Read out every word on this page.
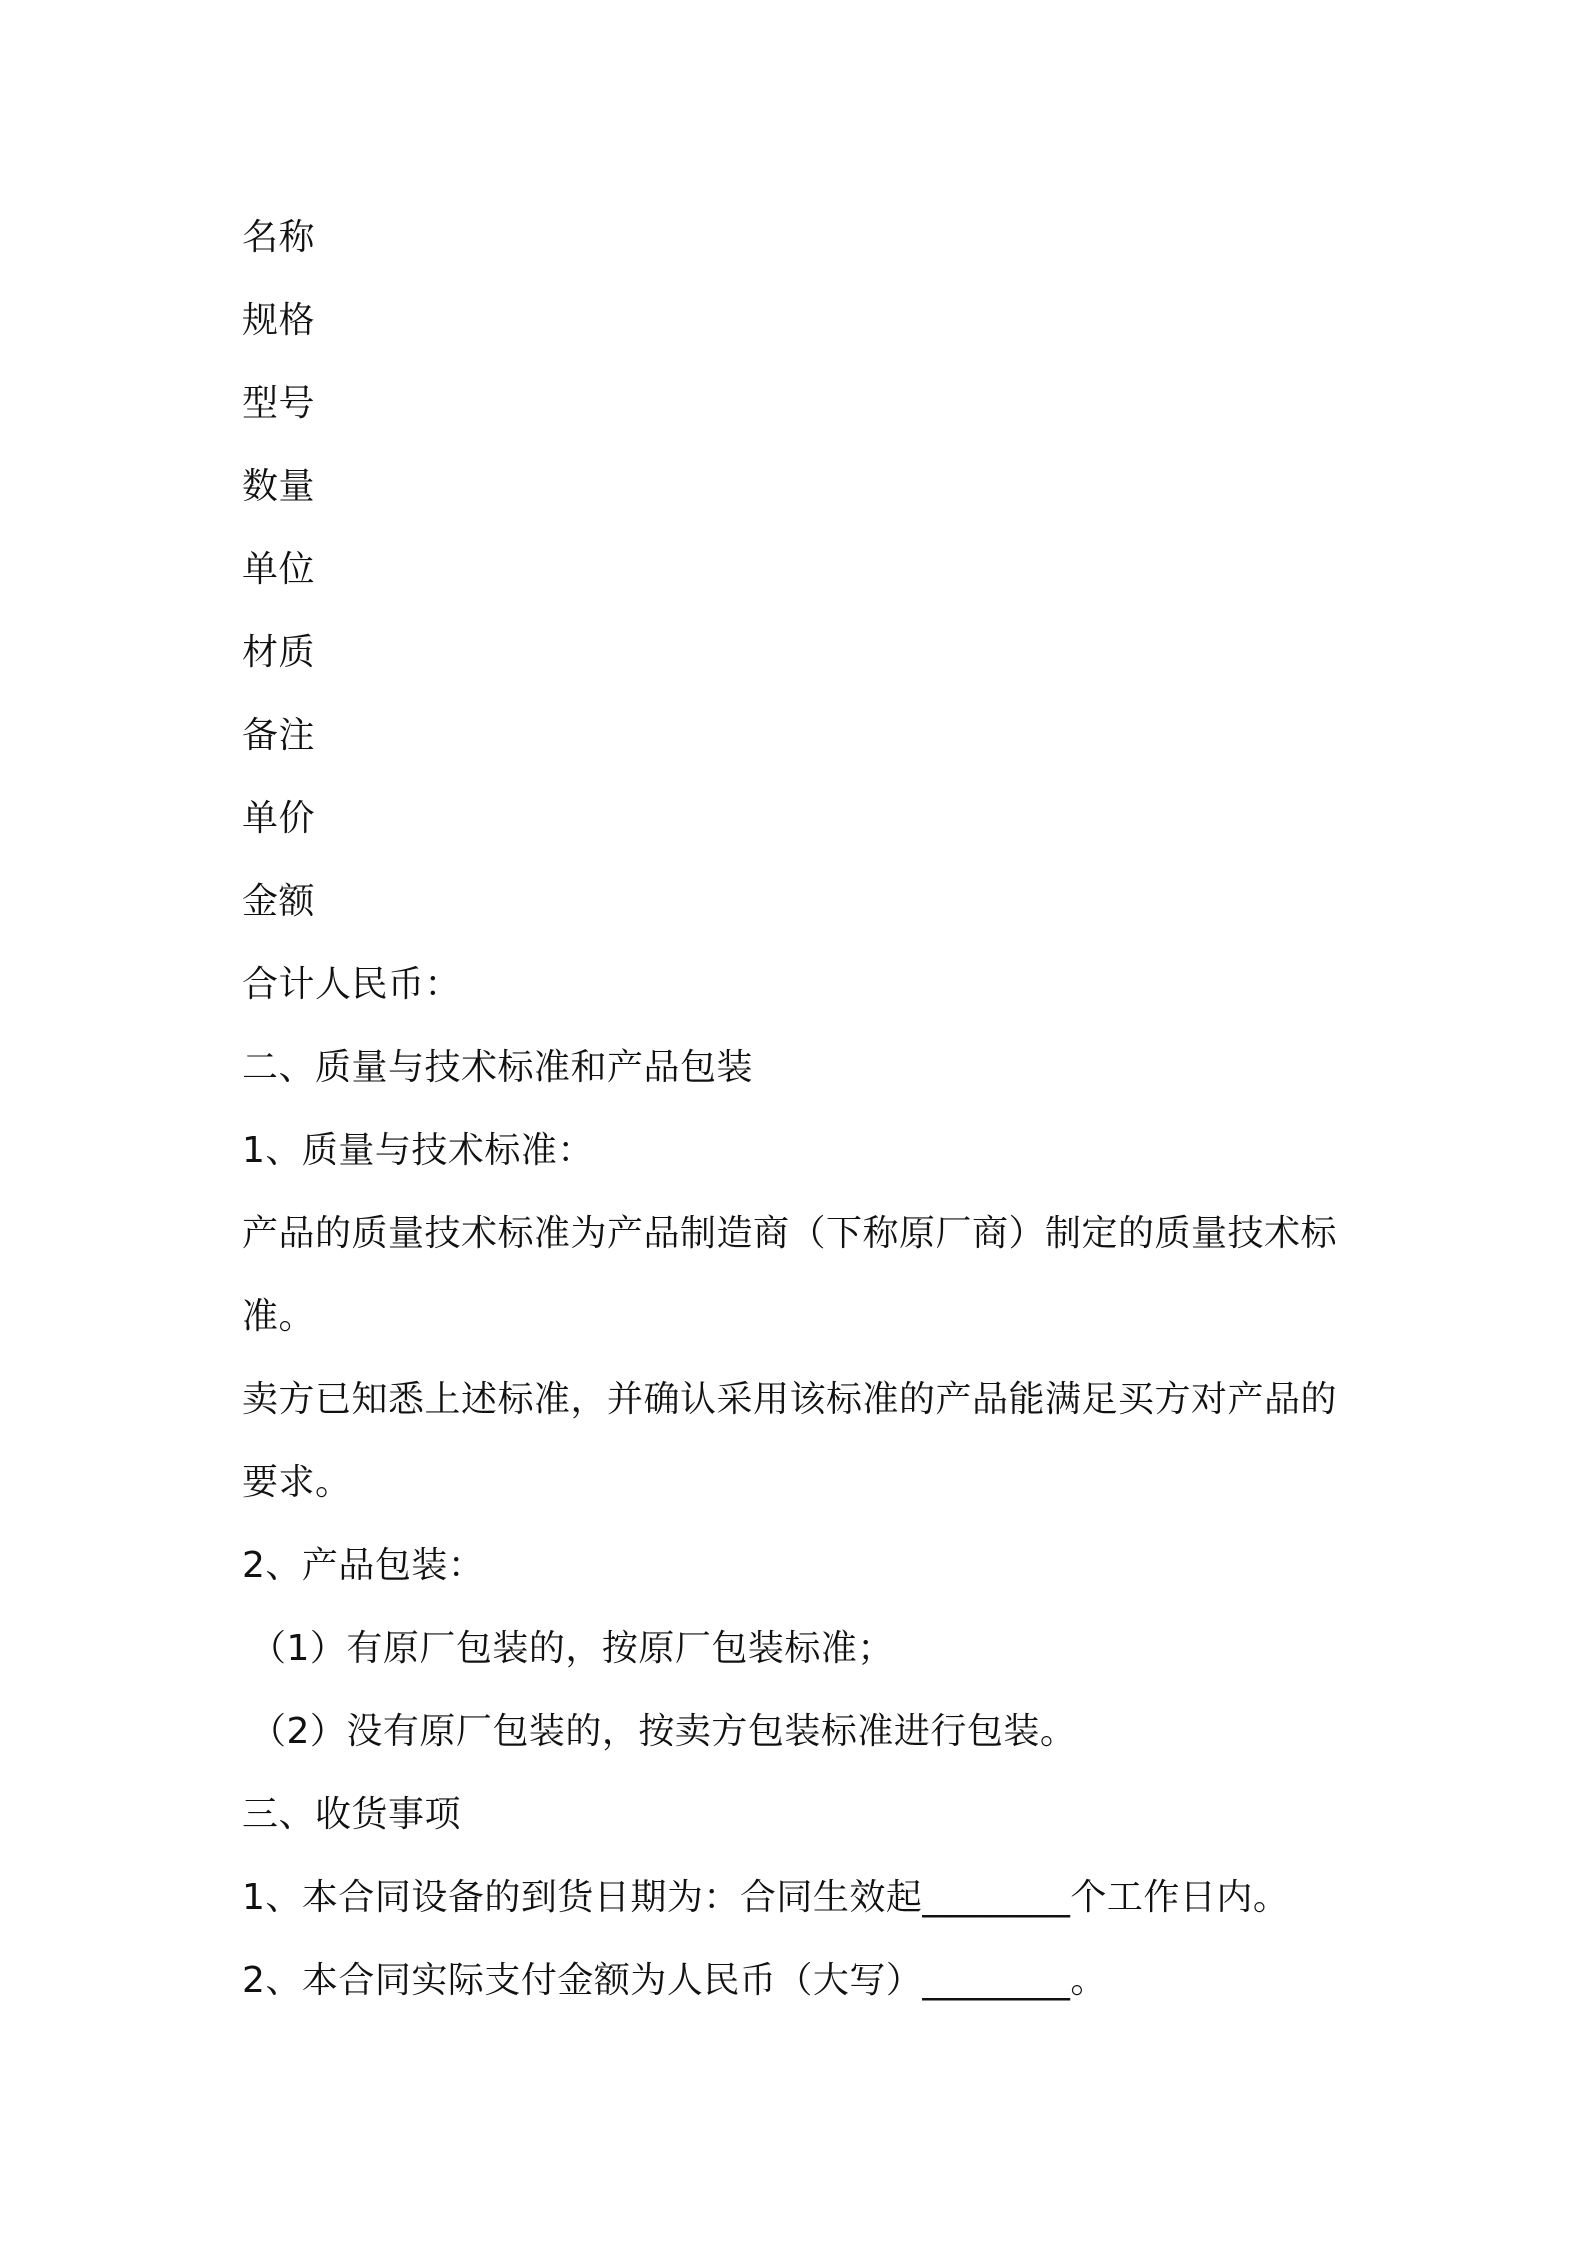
名称
规格
型号
数量
单位
材质
备注
单价
金额
合计人民币：
二、质量与技术标准和产品包装
1、质量与技术标准：
产品的质量技术标准为产品制造商（下称原厂商）制定的质量技术标
准。
卖方已知悉上述标准，并确认采用该标准的产品能满足买方对产品的
要求。
2、产品包装：
（1）有原厂包装的，按原厂包装标准；
（2）没有原厂包装的，按卖方包装标准进行包装。
三、收货事项
1、本合同设备的到货日期为：合同生效起________个工作日内。
2、本合同实际支付金额为人民币（大写）________。
